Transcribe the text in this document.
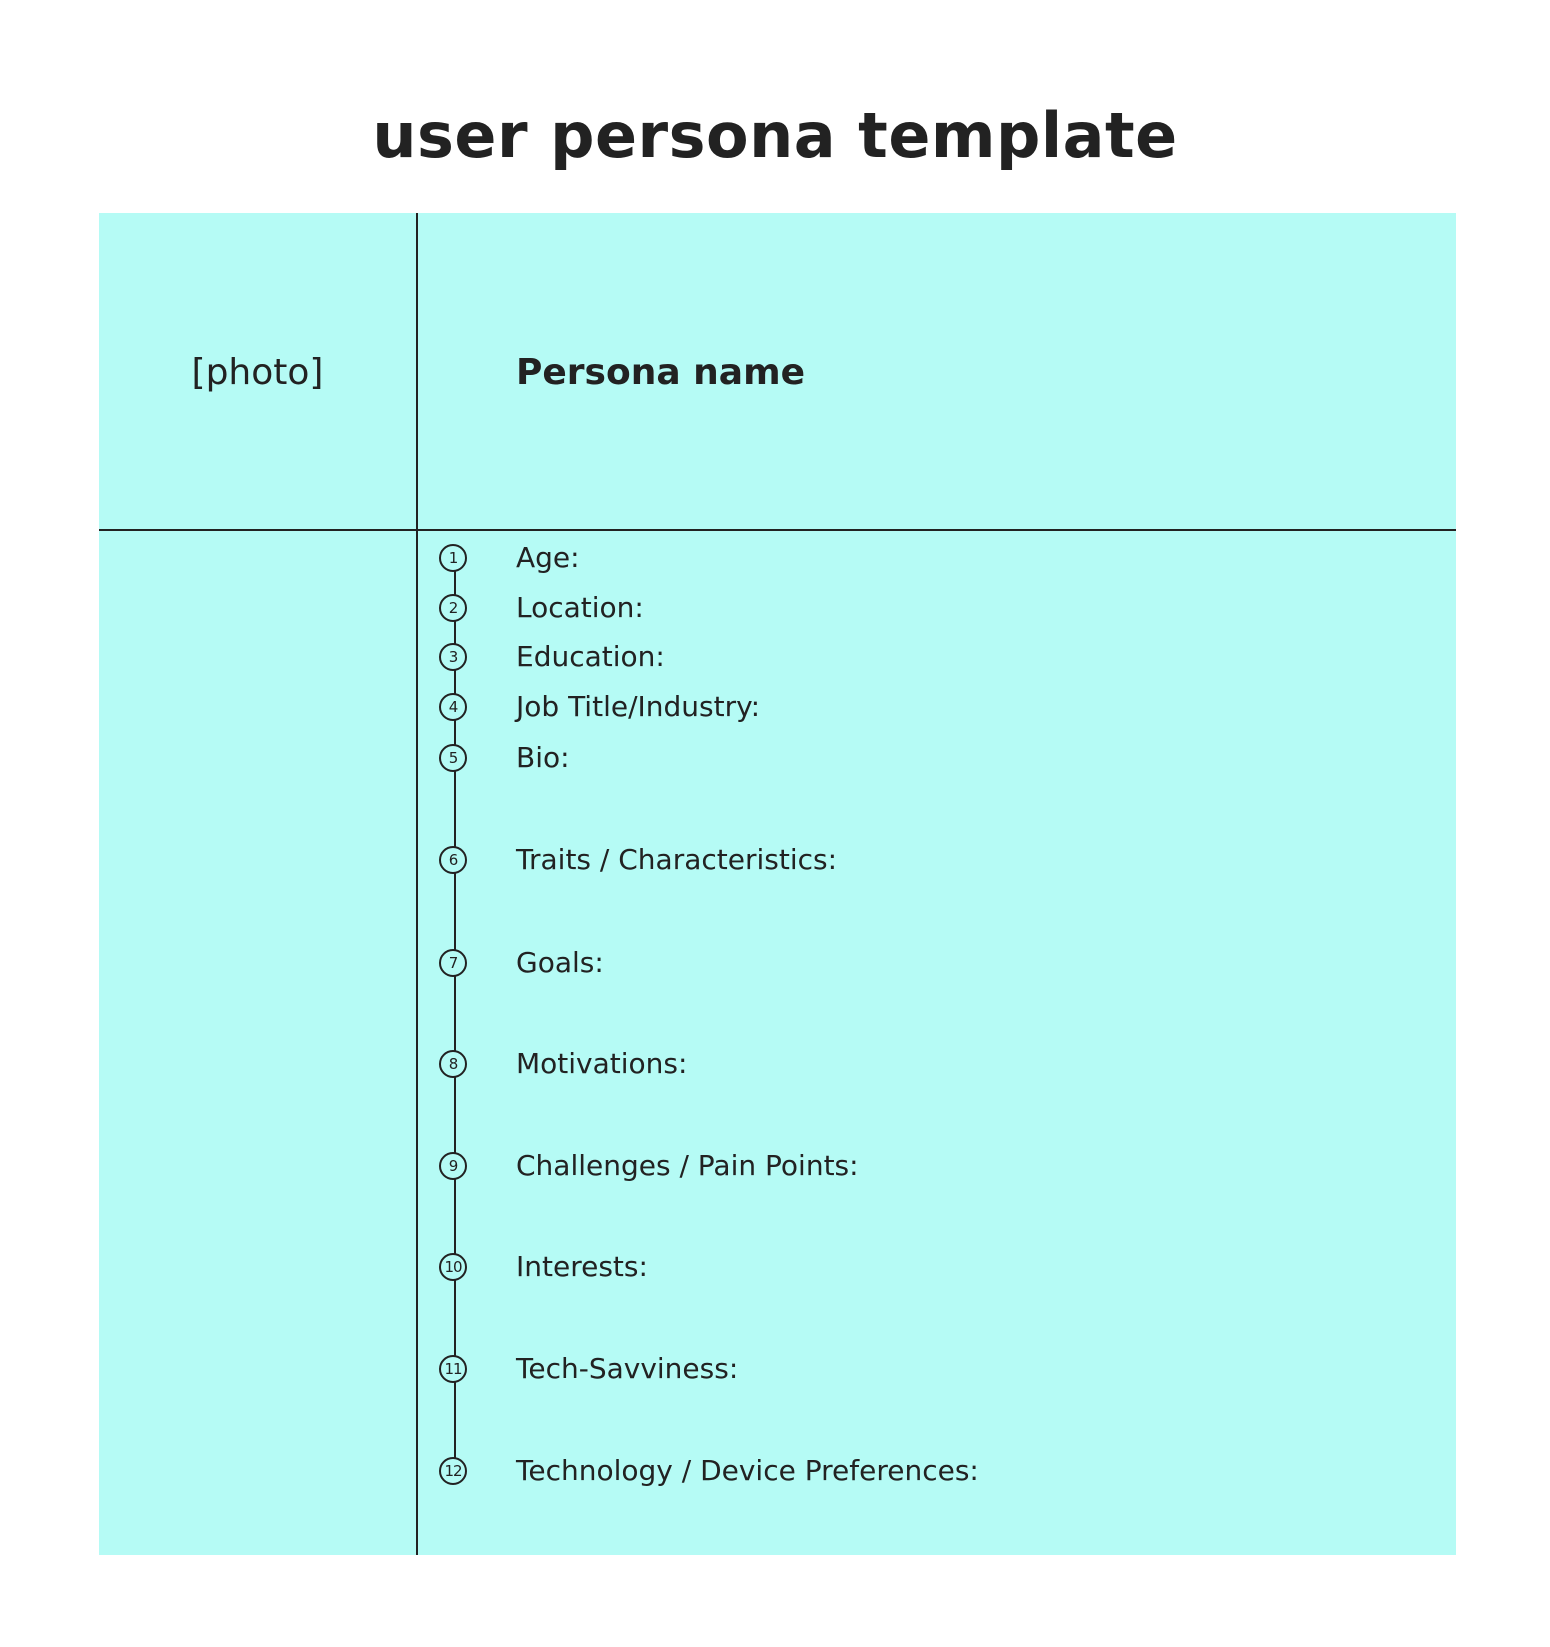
user persona template
[photo]	Persona name
1	Age:
2	Location:
3	Education:
4	Job Title/Industry:
5	Bio:
6	Traits / Characteristics:
7	Goals:
8	Motivations:
9	Challenges / Pain Points:
10 Interests:
11 Tech-Savviness:
12 Technology / Device Preferences:
